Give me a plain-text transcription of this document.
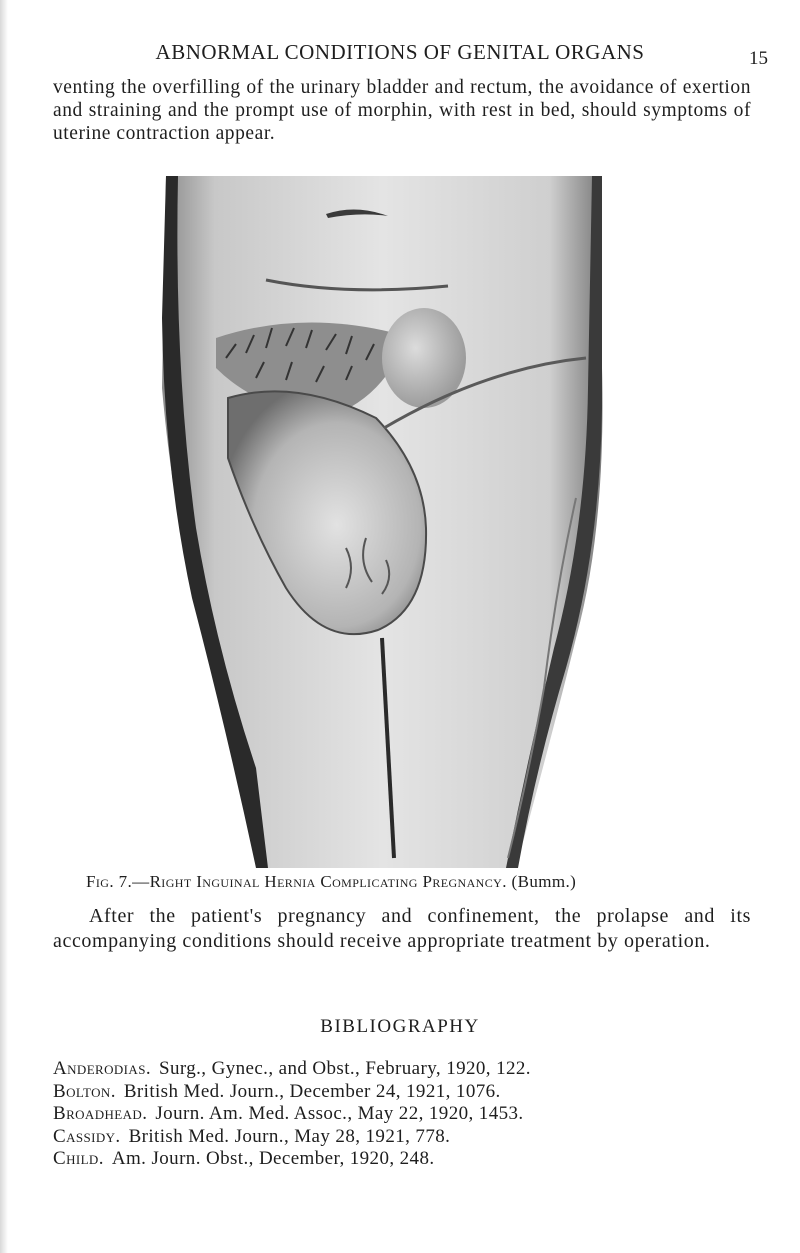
ABNORMAL CONDITIONS OF GENITAL ORGANS	15

venting the overfilling of the urinary bladder and rectum, the avoidance of exertion and straining and the prompt use of morphin, with rest in bed, should symptoms of uterine contraction appear.

Fig. 7.—Right Inguinal Hernia Complicating Pregnancy. (Bumm.)

After the patient's pregnancy and confinement, the prolapse and its accompanying conditions should receive appropriate treatment by operation.

BIBLIOGRAPHY
Anderodias. Surg., Gynec., and Obst., February, 1920, 122.
Bolton. British Med. Journ., December 24, 1921, 1076.
Broadhead. Journ. Am. Med. Assoc., May 22, 1920, 1453.
Cassidy. British Med. Journ., May 28, 1921, 778.
Child. Am. Journ. Obst., December, 1920, 248.
